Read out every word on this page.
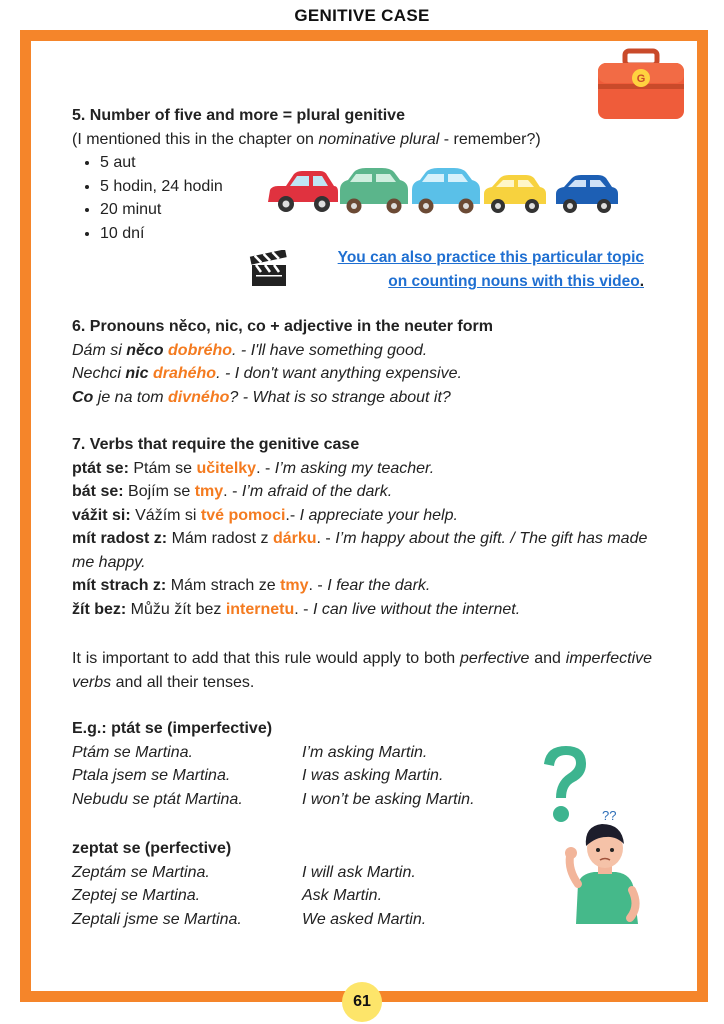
GENITIVE CASE
G
5. Number of five and more = plural genitive
(I mentioned this in the chapter on nominative plural - remember?)
• 5 aut
• 5 hodin, 24 hodin
• 20 minut
• 10 dní
You can also practice this particular topic
on counting nouns with this video.
6. Pronouns něco, nic, co + adjective in the neuter form
Dám si něco dobrého. - I'll have something good.
Nechci nic drahého. - I don't want anything expensive.
Co je na tom divného? - What is so strange about it?
7. Verbs that require the genitive case
ptát se: Ptám se učitelky. - I’m asking my teacher.
bát se: Bojím se tmy. - I’m afraid of the dark.
vážit si: Vážím si tvé pomoci.- I appreciate your help.
mít radost z: Mám radost z dárku. - I’m happy about the gift. / The gift has made me happy.
mít strach z: Mám strach ze tmy. - I fear the dark.
žít bez: Můžu žít bez internetu. - I can live without the internet.
It is important to add that this rule would apply to both perfective and imperfective verbs and all their tenses.
E.g.: ptát se (imperfective)
Ptám se Martina.	I’m asking Martin.
Ptala jsem se Martina.	I was asking Martin.
Nebudu se ptát Martina.	I won’t be asking Martin.
zeptat se (perfective)
Zeptám se Martina.	I will ask Martin.
Zeptej se Martina.	Ask Martin.
Zeptali jsme se Martina.	We asked Martin.
??
61
